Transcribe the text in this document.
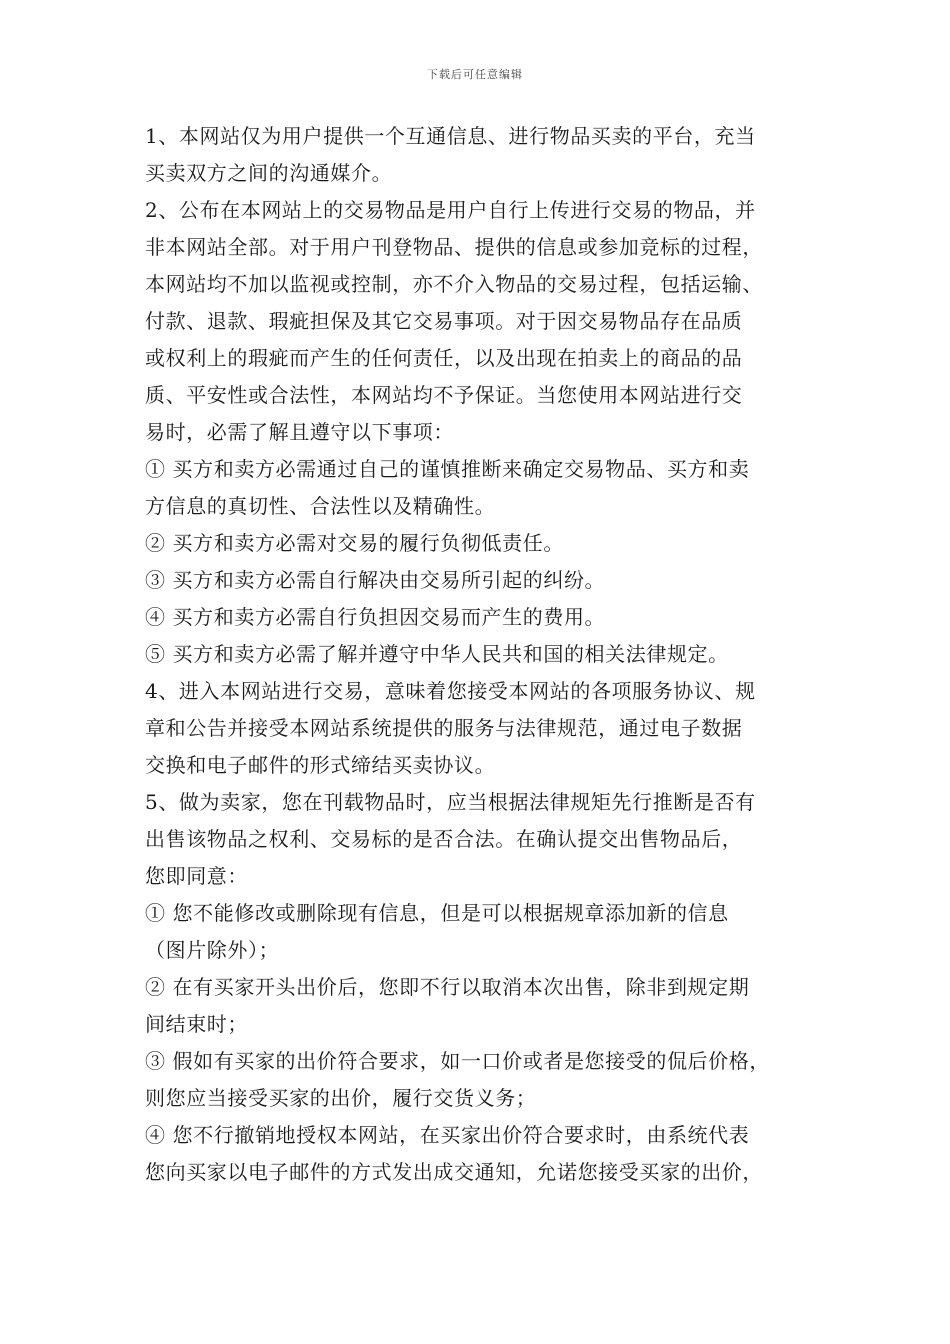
下载后可任意编辑
1、本网站仅为用户提供一个互通信息、进行物品买卖的平台，充当
买卖双方之间的沟通媒介。
2、公布在本网站上的交易物品是用户自行上传进行交易的物品，并
非本网站全部。对于用户刊登物品、提供的信息或参加竞标的过程，
本网站均不加以监视或控制，亦不介入物品的交易过程，包括运输、
付款、退款、瑕疵担保及其它交易事项。对于因交易物品存在品质
或权利上的瑕疵而产生的任何责任，以及出现在拍卖上的商品的品
质、平安性或合法性，本网站均不予保证。当您使用本网站进行交
易时，必需了解且遵守以下事项：
① 买方和卖方必需通过自己的谨慎推断来确定交易物品、买方和卖
方信息的真切性、合法性以及精确性。
② 买方和卖方必需对交易的履行负彻低责任。
③ 买方和卖方必需自行解决由交易所引起的纠纷。
④ 买方和卖方必需自行负担因交易而产生的费用。
⑤ 买方和卖方必需了解并遵守中华人民共和国的相关法律规定。
4、进入本网站进行交易，意味着您接受本网站的各项服务协议、规
章和公告并接受本网站系统提供的服务与法律规范，通过电子数据
交换和电子邮件的形式缔结买卖协议。
5、做为卖家，您在刊载物品时，应当根据法律规矩先行推断是否有
出售该物品之权利、交易标的是否合法。在确认提交出售物品后，
您即同意：
① 您不能修改或删除现有信息，但是可以根据规章添加新的信息
（图片除外）；
② 在有买家开头出价后，您即不行以取消本次出售，除非到规定期
间结束时；
③ 假如有买家的出价符合要求，如一口价或者是您接受的侃后价格，
则您应当接受买家的出价，履行交货义务；
④ 您不行撤销地授权本网站，在买家出价符合要求时，由系统代表
您向买家以电子邮件的方式发出成交通知，允诺您接受买家的出价，
